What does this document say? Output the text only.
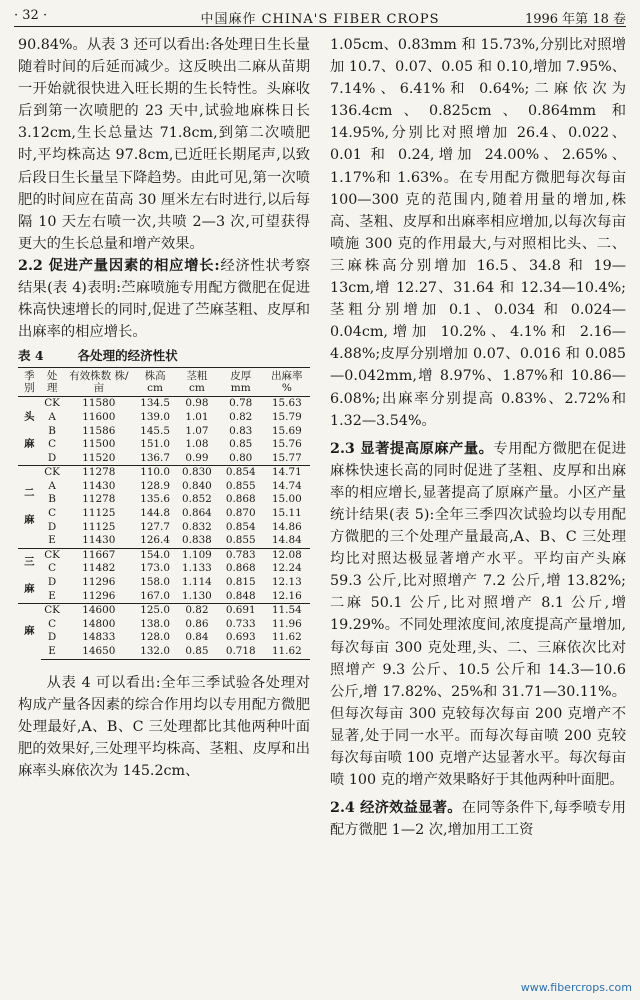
· 32 ·	中国麻作 CHINA'S FIBER CROPS	1996 年第 18 卷

90.84%。从表 3 还可以看出:各处理日生长量随着时间的后延而减少。这反映出二麻从苗期一开始就很快进入旺长期的生长特性。头麻收后到第一次喷肥的 23 天中,试验地麻株日长 3.12cm,生长总量达 71.8cm,到第二次喷肥时,平均株高达 97.8cm,已近旺长期尾声,以致后段日生长量呈下降趋势。由此可见,第一次喷肥的时间应在苗高 30 厘米左右时进行,以后每隔 10 天左右喷一次,共喷 2—3 次,可望获得更大的生长总量和增产效果。

2.2 促进产量因素的相应增长:经济性状考察结果(表 4)表明:苎麻喷施专用配方微肥在促进株高快速增长的同时,促进了苎麻茎粗、皮厚和出麻率的相应增长。

表 4	各处理的经济性状
季别	处理	有效株数 株/亩	株高 cm	茎粗 cm	皮厚 mm	出麻率 %
头

麻	CK	11580	134.5	0.98	0.78	15.63
	A	11600	139.0	1.01	0.82	15.79
	B	11586	145.5	1.07	0.83	15.69
	C	11500	151.0	1.08	0.85	15.76
	D	11520	136.7	0.99	0.80	15.77
二

麻	CK	11278	110.0	0.830	0.854	14.71
	A	11430	128.9	0.840	0.855	14.74
	B	11278	135.6	0.852	0.868	15.00
	C	11125	144.8	0.864	0.870	15.11
	D	11125	127.7	0.832	0.854	14.86
	E	11430	126.4	0.838	0.855	14.84
三

麻	CK	11667	154.0	1.109	0.783	12.08
	C	11482	173.0	1.133	0.868	12.24
	D	11296	158.0	1.114	0.815	12.13
	E	11296	167.0	1.130	0.848	12.16
麻	CK	14600	125.0	0.82	0.691	11.54
	C	14800	138.0	0.86	0.733	11.96
	D	14833	128.0	0.84	0.693	11.62
	E	14650	132.0	0.85	0.718	11.62

从表 4 可以看出:全年三季试验各处理对构成产量各因素的综合作用均以专用配方微肥处理最好,A、B、C 三处理都比其他两种叶面肥的效果好,三处理平均株高、茎粗、皮厚和出麻率头麻依次为 145.2cm、

1.05cm、0.83mm 和 15.73%,分别比对照增加 10.7、0.07、0.05 和 0.10,增加 7.95%、7.14%、6.41%和 0.64%;二麻依次为 136.4cm、0.825cm、0.864mm 和 14.95%,分别比对照增加 26.4、0.022、0.01 和 0.24,增加 24.00%、2.65%、1.17%和 1.63%。在专用配方微肥每次每亩 100—300 克的范围内,随着用量的增加,株高、茎粗、皮厚和出麻率相应增加,以每次每亩喷施 300 克的作用最大,与对照相比头、二、三麻株高分别增加 16.5、34.8 和 19—13cm,增 12.27、31.64 和 12.34—10.4%;茎粗分别增加 0.1、0.034 和 0.024—0.04cm,增加 10.2%、4.1%和 2.16—4.88%;皮厚分别增加 0.07、0.016 和 0.085—0.042mm,增 8.97%、1.87%和 10.86—6.08%;出麻率分别提高 0.83%、2.72%和 1.32—3.54%。

2.3 显著提高原麻产量。专用配方微肥在促进麻株快速长高的同时促进了茎粗、皮厚和出麻率的相应增长,显著提高了原麻产量。小区产量统计结果(表 5):全年三季四次试验均以专用配方微肥的三个处理产量最高,A、B、C 三处理均比对照达极显著增产水平。平均亩产头麻 59.3 公斤,比对照增产 7.2 公斤,增 13.82%;二麻 50.1 公斤,比对照增产 8.1 公斤,增 19.29%。不同处理浓度间,浓度提高产量增加,每次每亩 300 克处理,头、二、三麻依次比对照增产 9.3 公斤、10.5 公斤和 14.3—10.6 公斤,增 17.82%、25%和 31.71—30.11%。但每次每亩 300 克较每次每亩 200 克增产不显著,处于同一水平。而每次每亩喷 200 克较每次每亩喷 100 克增产达显著水平。每次每亩喷 100 克的增产效果略好于其他两种叶面肥。

2.4 经济效益显著。在同等条件下,每季喷专用配方微肥 1—2 次,增加用工工资

www.fibercrops.com
